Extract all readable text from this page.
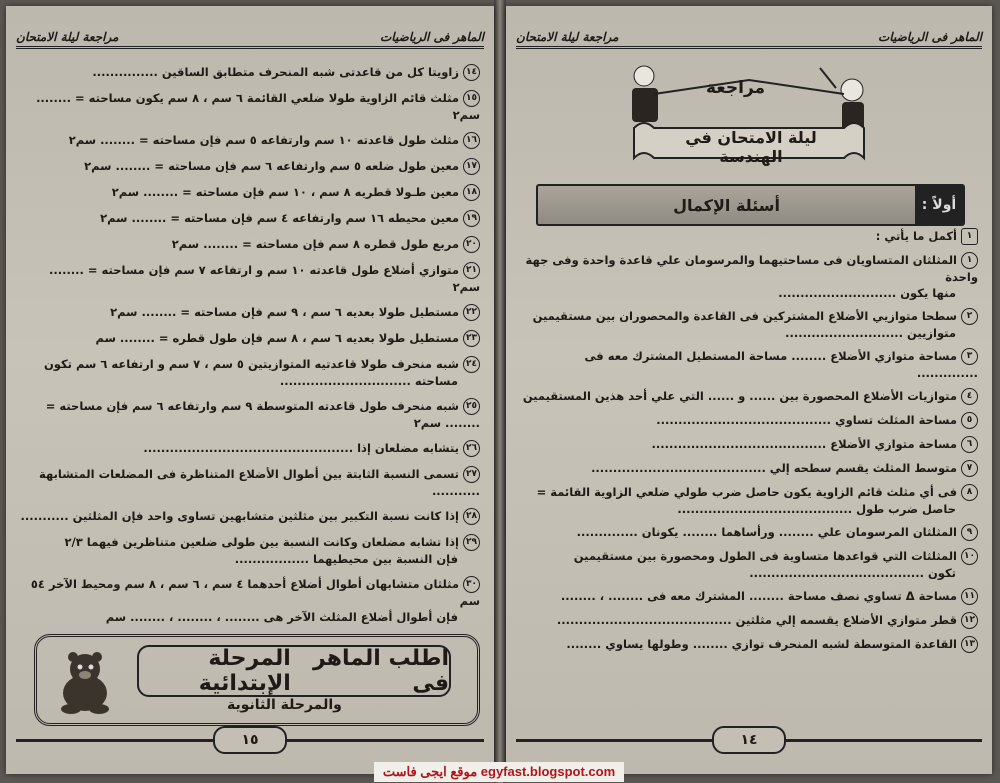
الماهر فى الرياضيات
مراجعة ليلة الامتحان
١٤زاويتا كل من قاعدتى شبه المنحرف متطابق الساقين ...............
١٥مثلث قائم الزاوية طولا ضلعي القائمة ٦ سم ، ٨ سم يكون مساحته = ........ سم٢
١٦مثلث طول قاعدته ١٠ سم وارتفاعه ٥ سم فإن مساحته = ........ سم٢
١٧معين طول ضلعه ٥ سم وارتفاعه ٦ سم فإن مساحته = ........ سم٢
١٨معين طـولا قطريه ٨ سم ، ١٠ سم فإن مساحته = ........ سم٢
١٩معين محيطه ١٦ سم وارتفاعه ٤ سم فإن مساحته = ........ سم٢
٢٠مربع طول قطره ٨ سم فإن مساحته = ........ سم٢
٢١متوازي أضلاع طول قاعدته ١٠ سم و ارتفاعه ٧ سم فإن مساحته = ........ سم٢
٢٢مستطيل طولا بعديه ٦ سم ، ٩ سم فإن مساحته = ........ سم٢
٢٣مستطيل طولا بعديه ٦ سم ، ٨ سم فإن طول قطره = ........ سم
٢٤شبه منحرف طولا قاعدتيه المتوازيتين ٥ سم ، ٧ سم و ارتفاعه ٦ سم تكون
مساحته ..............................
٢٥شبه منحرف طول قاعدته المتوسطة ٩ سم وارتفاعه ٦ سم فإن مساحته = ........ سم٢
٢٦يتشابه مضلعان إذا ................................................
٢٧تسمى النسبة الثابتة بين أطوال الأضلاع المتناظرة فى المضلعات المتشابهة ...........
٢٨إذا كانت نسبة التكبير بين مثلثين متشابهين تساوى واحد فإن المثلثين ...........
٢٩إذا تشابه مضلعان وكانت النسبة بين طولى ضلعين متناظرين فيهما ٢/٣
فإن النسبة بين محيطيهما .................
٣٠مثلثان متشابهان أطوال أضلاع أحدهما ٤ سم ، ٦ سم ، ٨ سم ومحيط الآخر ٥٤ سم
فإن أطوال أضلاع المثلث الآخر هى ........ ، ........ ، ........ سم
اطلب الماهر فى
المرحلة الإبتدائية
والمرحلة الثانوية
١٥
الماهر فى الرياضيات
مراجعة ليلة الامتحان
مراجعة
ليلة الامتحان في الهندسة
أولاً :
أسئلة الإكمال
١أكمل ما يأتي :
١المثلثان المتساويان فى مساحتيهما والمرسومان علي قاعدة واحدة وفى جهة واحدة
منها يكون ...........................
٢سطحا متوازيي الأضلاع المشتركين فى القاعدة والمحصوران بين مستقيمين
متوازيين ...........................
٣مساحة متوازي الأضلاع ........ مساحة المستطيل المشترك معه فى ..............
٤متوازيات الأضلاع المحصورة بين ...... و ...... التي علي أحد هذين المستقيمين
٥مساحة المثلث تساوي ........................................
٦مساحة متوازي الأضلاع ........................................
٧متوسط المثلث يقسم سطحه إلي ........................................
٨فى أي مثلث قائم الزاوية يكون حاصل ضرب طولي ضلعي الزاوية القائمة =
حاصل ضرب طول ........................................
٩المثلثان المرسومان علي ........ ورأساهما ........ يكونان ..............
١٠المثلثات التي قواعدها متساوية فى الطول ومحصورة بين مستقيمين
تكون ........................................
١١مساحة Δ تساوي نصف مساحة ........ المشترك معه فى ........ ، ........
١٢قطر متوازي الأضلاع يقسمه إلي مثلثين ........................................
١٣القاعدة المتوسطة لشبه المنحرف توازي ........ وطولها يساوي ........
١٤
موقع ايجى فاست egyfast.blogspot.com
